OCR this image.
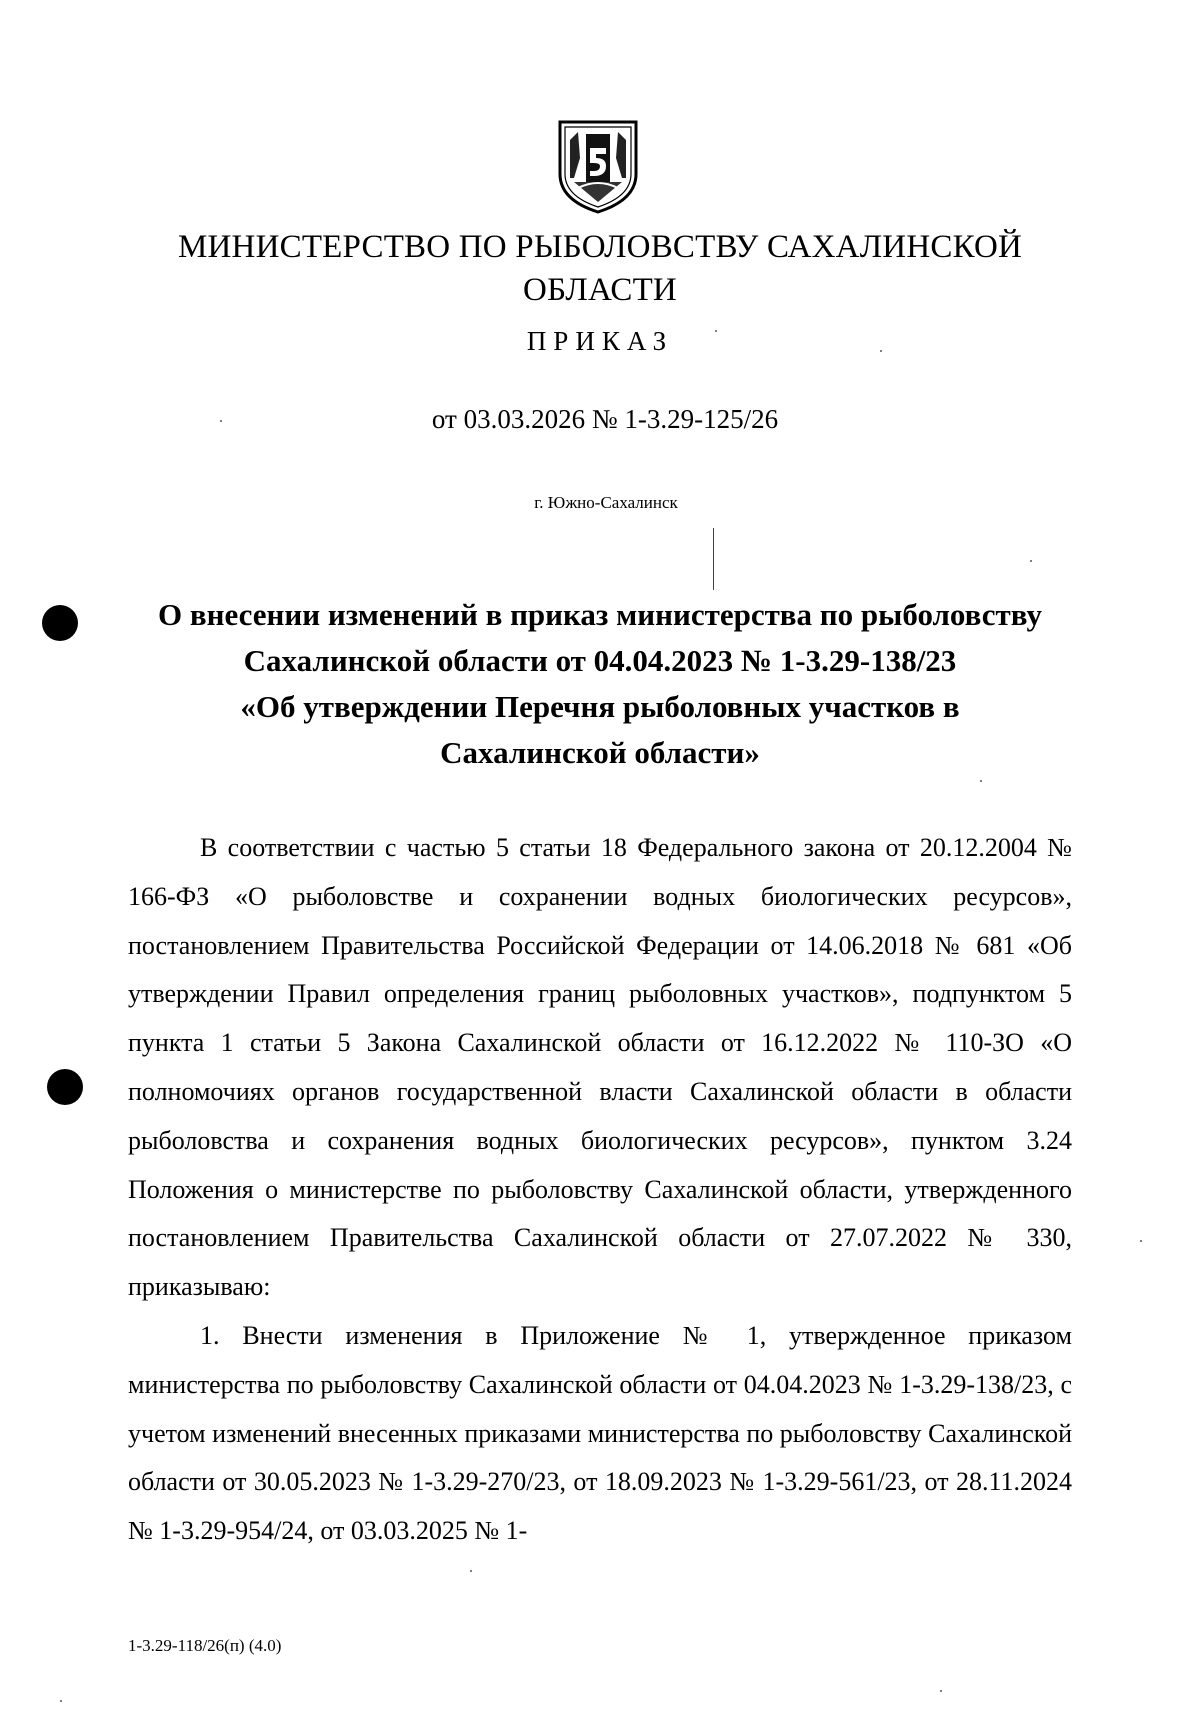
МИНИСТЕРСТВО ПО РЫБОЛОВСТВУ САХАЛИНСКОЙ
ОБЛАСТИ
ПРИКАЗ
от 03.03.2026 № 1-3.29-125/26
г. Южно-Сахалинск
О внесении изменений в приказ министерства по рыболовству
Сахалинской области от 04.04.2023 № 1-3.29-138/23
«Об утверждении Перечня рыболовных участков в
Сахалинской области»

В соответствии с частью 5 статьи 18 Федерального закона от 20.12.2004 № 166-ФЗ «О рыболовстве и сохранении водных биологических ресурсов», постановлением Правительства Российской Федерации от 14.06.2018 № 681 «Об утверждении Правил определения границ рыболовных участков», подпунктом 5 пункта 1 статьи 5 Закона Сахалинской области от 16.12.2022 № 110-ЗО «О полномочиях органов государственной власти Сахалинской области в области рыболовства и сохранения водных биологических ресурсов», пунктом 3.24 Положения о министерстве по рыболовству Сахалинской области, утвержденного постановлением Правительства Сахалинской области от 27.07.2022 № 330, приказываю:

1. Внести изменения в Приложение № 1, утвержденное приказом министерства по рыболовству Сахалинской области от 04.04.2023 № 1-3.29-138/23, с учетом изменений внесенных приказами министерства по рыболовству Сахалинской области от 30.05.2023 № 1-3.29-270/23, от 18.09.2023 № 1-3.29-561/23, от 28.11.2024 № 1-3.29-954/24, от 03.03.2025 № 1-

1-3.29-118/26(п) (4.0)
